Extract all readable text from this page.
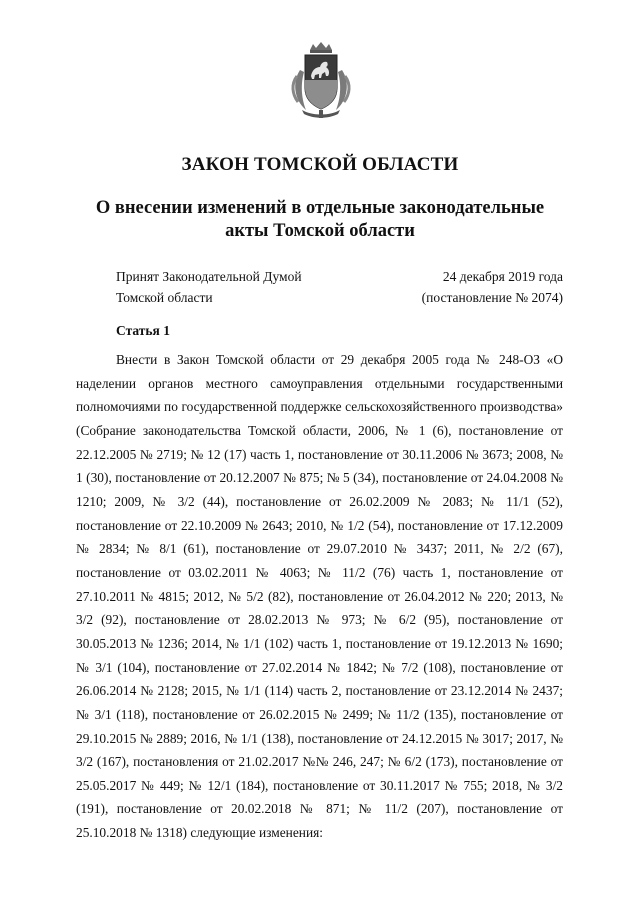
ЗАКОН ТОМСКОЙ ОБЛАСТИ
О внесении изменений в отдельные законодательные
акты Томской области
Принят Законодательной Думой	24 декабря 2019 года
Томской области	(постановление № 2074)
Статья 1

Внести в Закон Томской области от 29 декабря 2005 года № 248-ОЗ «О наделении органов местного самоуправления отдельными государственными полномочиями по государственной поддержке сельскохозяйственного производства» (Собрание законодательства Томской области, 2006, № 1 (6), постановление от 22.12.2005 № 2719; № 12 (17) часть 1, постановление от 30.11.2006 № 3673; 2008, № 1 (30), постановление от 20.12.2007 № 875; № 5 (34), постановление от 24.04.2008 № 1210; 2009, № 3/2 (44), постановление от 26.02.2009 № 2083; № 11/1 (52), постановление от 22.10.2009 № 2643; 2010, № 1/2 (54), постановление от 17.12.2009 № 2834; № 8/1 (61), постановление от 29.07.2010 № 3437; 2011, № 2/2 (67), постановление от 03.02.2011 № 4063; № 11/2 (76) часть 1, постановление от 27.10.2011 № 4815; 2012, № 5/2 (82), постановление от 26.04.2012 № 220; 2013, № 3/2 (92), постановление от 28.02.2013 № 973; № 6/2 (95), постановление от 30.05.2013 № 1236; 2014, № 1/1 (102) часть 1, постановление от 19.12.2013 № 1690; № 3/1 (104), постановление от 27.02.2014 № 1842; № 7/2 (108), постановление от 26.06.2014 № 2128; 2015, № 1/1 (114) часть 2, постановление от 23.12.2014 № 2437; № 3/1 (118), постановление от 26.02.2015 № 2499; № 11/2 (135), постановление от 29.10.2015 № 2889; 2016, № 1/1 (138), постановление от 24.12.2015 № 3017; 2017, № 3/2 (167), постановления от 21.02.2017 №№ 246, 247; № 6/2 (173), постановление от 25.05.2017 № 449; № 12/1 (184), постановление от 30.11.2017 № 755; 2018, № 3/2 (191), постановление от 20.02.2018 № 871; № 11/2 (207), постановление от 25.10.2018 № 1318) следующие изменения:
